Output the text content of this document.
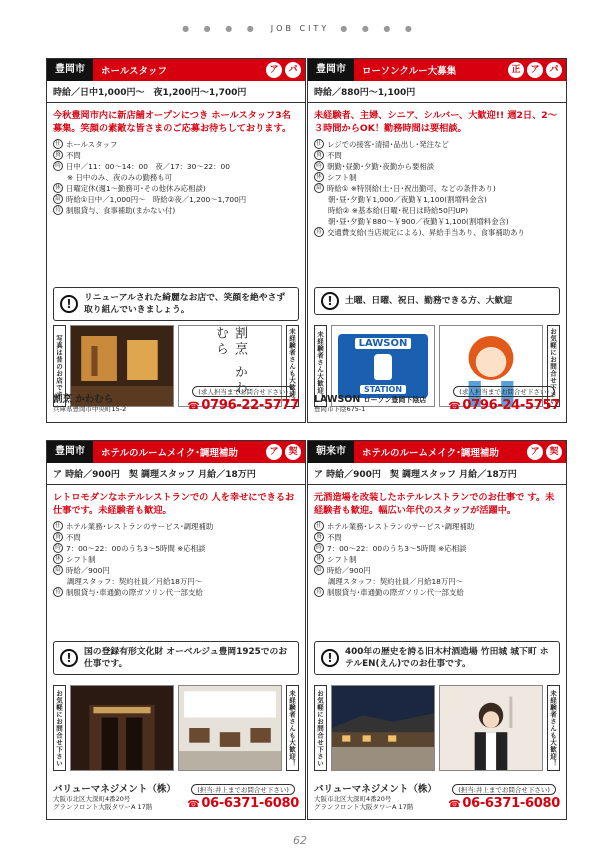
● ● ● ● JOB CITY ● ● ● ●
豊岡市	ホールスタッフ	ア	パ
時給／日中1,000円～　夜1,200円～1,700円
今秋豊岡市内に新店舗オープンにつき ホールスタッフ3名募集。笑顔の素敵な皆さまのご応募お待ちしております。
仕 ホールスタッフ
資 不問
時 日中／11：00～14：00　夜／17：30～22：00
※ 日中のみ、夜のみの勤務も可
休 日曜定休(週1～勤務可･その他休み応相談)
給 時給①日中／1,000円～　時給②夜／1,200～1,700円
待 制服貸与、食事補助(まかない付)
!	リニューアルされた綺麗なお店で、笑顔を絶やさず取り組んでいきましょう。
写真は昔のお店です	割烹 かわむら	未経験者さんも大歓迎！
割烹 かわむら
兵庫県豊岡市中央町15-2
(求人担当までお問合せ下さい)
☎ 0796-22-5777
豊岡市	ローソンクルー大募集	正	ア	パ
時給／880円～1,100円
未経験者、主婦、シニア、シルバー、大歓迎!! 週2日、2～３時間からOK！勤務時間は要相談。
仕 レジでの接客･清掃･品出し･発注など
資 不問
時 朝勤･昼勤･夕勤･夜勤から要相談
休 シフト制
給 時給① ※特別給(土･日･祝出勤可、などの条件あり)
朝･昼･夕勤￥1,000／夜勤￥1,100(割増料金含)
時給② ※基本給(日曜･祝日は時給50円UP)
朝･昼･夕勤￥880～￥900／夜勤￥1,100(割増料金含)
待 交通費支給(当店規定による)、昇給手当あり、食事補助あり
!	土曜、日曜、祝日、勤務できる方、大歓迎
未経験者さん大歓迎！	LAWSON
STATION	お気軽にお問合せ下さい
LAWSON ローソン豊岡下陰店
豊岡市下陰675-1
(求人担当までお問合せ下さい)
☎ 0796-24-5757
豊岡市	ホテルのルームメイク･調理補助	ア	契
ア 時給／900円　契 調理スタッフ 月給／18万円
レトロモダンなホテルレストランでの 人を幸せにできるお仕事です。未経験者も歓迎。
仕 ホテル業務･レストランのサービス･調理補助
資 不問
時 7：00～22：00のうち3～5時間 ※応相談
休 シフト制
給 時給／900円
調理スタッフ：契約社員／月給18万円～
待 制服貸与･車通勤の際ガソリン代一部支給
!	国の登録有形文化財 オーベルジュ豊岡1925でのお仕事です。
お気軽にお問合せ下さい	未経験者さんも大歓迎！
バリューマネジメント（株）
大阪市北区大深町4番20号
グランフロント大阪タワーA 17階
(担当:井上までお問合せ下さい)
☎ 06-6371-6080
朝来市	ホテルのルームメイク･調理補助	ア	契
ア 時給／900円　契 調理スタッフ 月給／18万円
元酒造場を改装したホテルレストランでのお仕事で す。未経験者も歓迎。幅広い年代のスタッフが活躍中。
仕 ホテル業務･レストランのサービス･調理補助
資 不問
時 7：00～22：00のうち3～5時間 ※応相談
休 シフト制
給 時給／900円
調理スタッフ：契約社員／月給18万円～
待 制服貸与･車通勤の際ガソリン代一部支給
!	400年の歴史を誇る旧木村酒造場 竹田城 城下町 ホテルEN(えん)でのお仕事です。
お気軽にお問合せ下さい	未経験者さんも大歓迎！
バリューマネジメント（株）
大阪市北区大深町4番20号
グランフロント大阪タワーA 17階
(担当:井上までお問合せ下さい)
☎ 06-6371-6080
62
